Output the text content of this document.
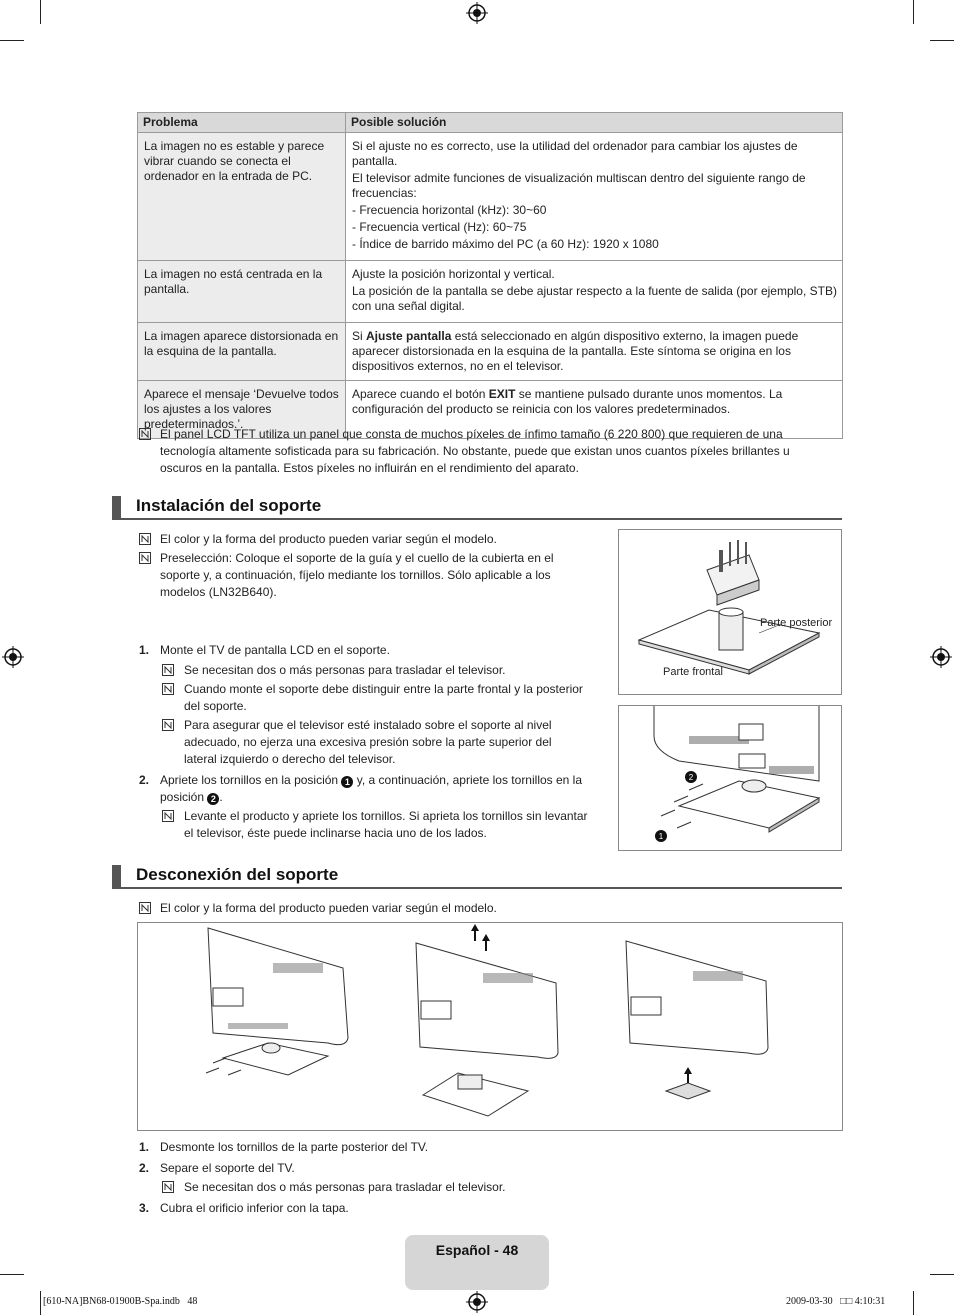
Problema	Posible solución
La imagen no es estable y parece vibrar cuando se conecta el ordenador en la entrada de PC.	Si el ajuste no es correcto, use la utilidad del ordenador para cambiar los ajustes de pantalla.

El televisor admite funciones de visualización multiscan dentro del siguiente rango de frecuencias:

- Frecuencia horizontal (kHz): 30~60

- Frecuencia vertical (Hz): 60~75

- Índice de barrido máximo del PC (a 60 Hz): 1920 x 1080

La imagen no está centrada en la pantalla.	Ajuste la posición horizontal y vertical.

La posición de la pantalla se debe ajustar respecto a la fuente de salida (por ejemplo, STB) con una señal digital.

La imagen aparece distorsionada en la esquina de la pantalla.	Si Ajuste pantalla está seleccionado en algún dispositivo externo, la imagen puede aparecer distorsionada en la esquina de la pantalla. Este síntoma se origina en los dispositivos externos, no en el televisor.
Aparece el mensaje ‘Devuelve todos los ajustes a los valores predeterminados.’.	Aparece cuando el botón EXIT se mantiene pulsado durante unos momentos. La configuración del producto se reinicia con los valores predeterminados.
El panel LCD TFT utiliza un panel que consta de muchos píxeles de ínfimo tamaño (6 220 800) que requieren de una tecnología altamente sofisticada para su fabricación. No obstante, puede que existan unos cuantos píxeles brillantes u oscuros en la pantalla. Estos píxeles no influirán en el rendimiento del aparato.
Instalación del soporte
El color y la forma del producto pueden variar según el modelo.
Preselección: Coloque el soporte de la guía y el cuello de la cubierta en el soporte y, a continuación, fíjelo mediante los tornillos. Sólo aplicable a los modelos (LN32B640).
1. Monte el TV de pantalla LCD en el soporte.
Se necesitan dos o más personas para trasladar el televisor.
Cuando monte el soporte debe distinguir entre la parte frontal y la posterior del soporte.
Para asegurar que el televisor esté instalado sobre el soporte al nivel adecuado, no ejerza una excesiva presión sobre la parte superior del lateral izquierdo o derecho del televisor.
2. Apriete los tornillos en la posición 1 y, a continuación, apriete los tornillos en la posición 2 .
Levante el producto y apriete los tornillos. Si aprieta los tornillos sin levantar el televisor, éste puede inclinarse hacia uno de los lados.
Parte posterior
Parte frontal
1
2
Desconexión del soporte
El color y la forma del producto pueden variar según el modelo.
1. Desmonte los tornillos de la parte posterior del TV.
2. Separe el soporte del TV.
Se necesitan dos o más personas para trasladar el televisor.
3. Cubra el orificio inferior con la tapa.
Español - 48
[610-NA]BN68-01900B-Spa.indb   48	2009-03-30   □□ 4:10:31
